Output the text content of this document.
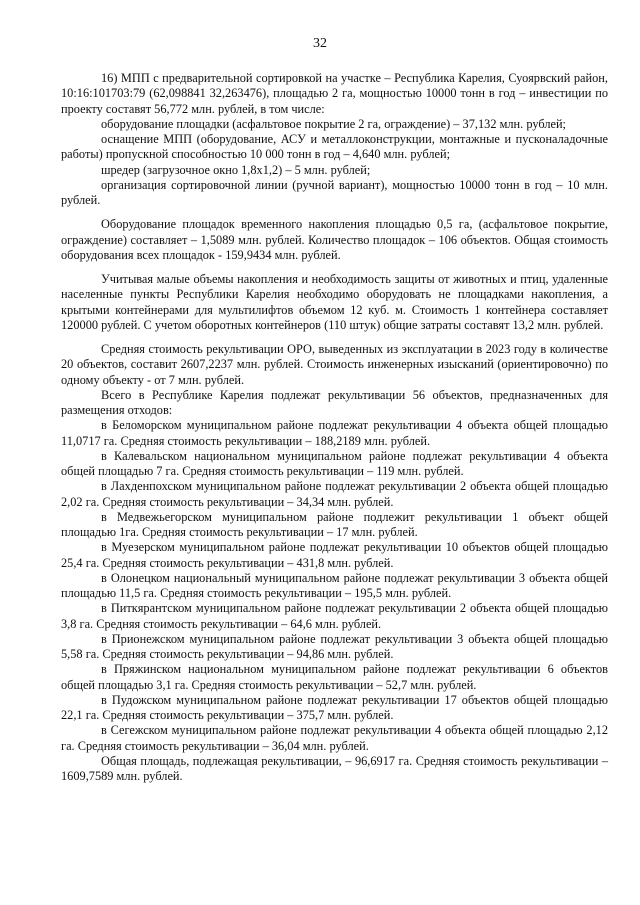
32

16) МПП с предварительной сортировкой на участке – Республика Карелия, Суоярвский район, 10:16:101703:79 (62,098841 32,263476), площадью 2 га, мощностью 10000 тонн в год – инвестиции по проекту составят 56,772 млн. рублей, в том числе:

оборудование площадки (асфальтовое покрытие 2 га, ограждение) – 37,132 млн. рублей;

оснащение МПП (оборудование, АСУ и металлоконструкции, монтажные и пусконаладочные работы) пропускной способностью 10 000 тонн в год – 4,640 млн. рублей;

шредер (загрузочное окно 1,8х1,2) – 5 млн. рублей;

организация сортировочной линии (ручной вариант), мощностью 10000 тонн в год – 10 млн. рублей.

Оборудование площадок временного накопления площадью 0,5 га, (асфальтовое покрытие, ограждение) составляет – 1,5089 млн. рублей. Количество площадок – 106 объектов. Общая стоимость оборудования всех площадок - 159,9434 млн. рублей.

Учитывая малые объемы накопления и необходимость защиты от животных и птиц, удаленные населенные пункты Республики Карелия необходимо оборудовать не площадками накопления, а крытыми контейнерами для мультилифтов объемом 12 куб. м. Стоимость 1 контейнера составляет 120000 рублей. С учетом оборотных контейнеров (110 штук) общие затраты составят 13,2 млн. рублей.

Средняя стоимость рекультивации ОРО, выведенных из эксплуатации в 2023 году в количестве 20 объектов, составит 2607,2237 млн. рублей. Стоимость инженерных изысканий (ориентировочно) по одному объекту - от 7 млн. рублей.

Всего в Республике Карелия подлежат рекультивации 56 объектов, предназначенных для размещения отходов:

в Беломорском муниципальном районе подлежат рекультивации 4 объекта общей площадью 11,0717 га. Средняя стоимость рекультивации – 188,2189 млн. рублей.

в Калевальском национальном муниципальном районе подлежат рекультивации 4 объекта общей площадью 7 га. Средняя стоимость рекультивации – 119 млн. рублей.

в Лахденпохском муниципальном районе подлежат рекультивации 2 объекта общей площадью 2,02 га. Средняя стоимость рекультивации – 34,34 млн. рублей.

в Медвежьегорском муниципальном районе подлежит рекультивации 1 объект общей площадью 1га. Средняя стоимость рекультивации – 17 млн. рублей.

в Муезерском муниципальном районе подлежат рекультивации 10 объектов общей площадью 25,4 га. Средняя стоимость рекультивации – 431,8 млн. рублей.

в Олонецком национальный муниципальном районе подлежат рекультивации 3 объекта общей площадью 11,5 га. Средняя стоимость рекультивации – 195,5 млн. рублей.

в Питкярантском муниципальном районе подлежат рекультивации 2 объекта общей площадью 3,8 га. Средняя стоимость рекультивации – 64,6 млн. рублей.

в Прионежском муниципальном районе подлежат рекультивации 3 объекта общей площадью 5,58 га. Средняя стоимость рекультивации – 94,86 млн. рублей.

в Пряжинском национальном муниципальном районе подлежат рекультивации 6 объектов общей площадью 3,1 га. Средняя стоимость рекультивации – 52,7 млн. рублей.

в Пудожском муниципальном районе подлежат рекультивации 17 объектов общей площадью 22,1 га. Средняя стоимость рекультивации – 375,7 млн. рублей.

в Сегежском муниципальном районе подлежат рекультивации 4 объекта общей площадью 2,12 га. Средняя стоимость рекультивации – 36,04 млн. рублей.

Общая площадь, подлежащая рекультивации, – 96,6917 га. Средняя стоимость рекультивации – 1609,7589 млн. рублей.
